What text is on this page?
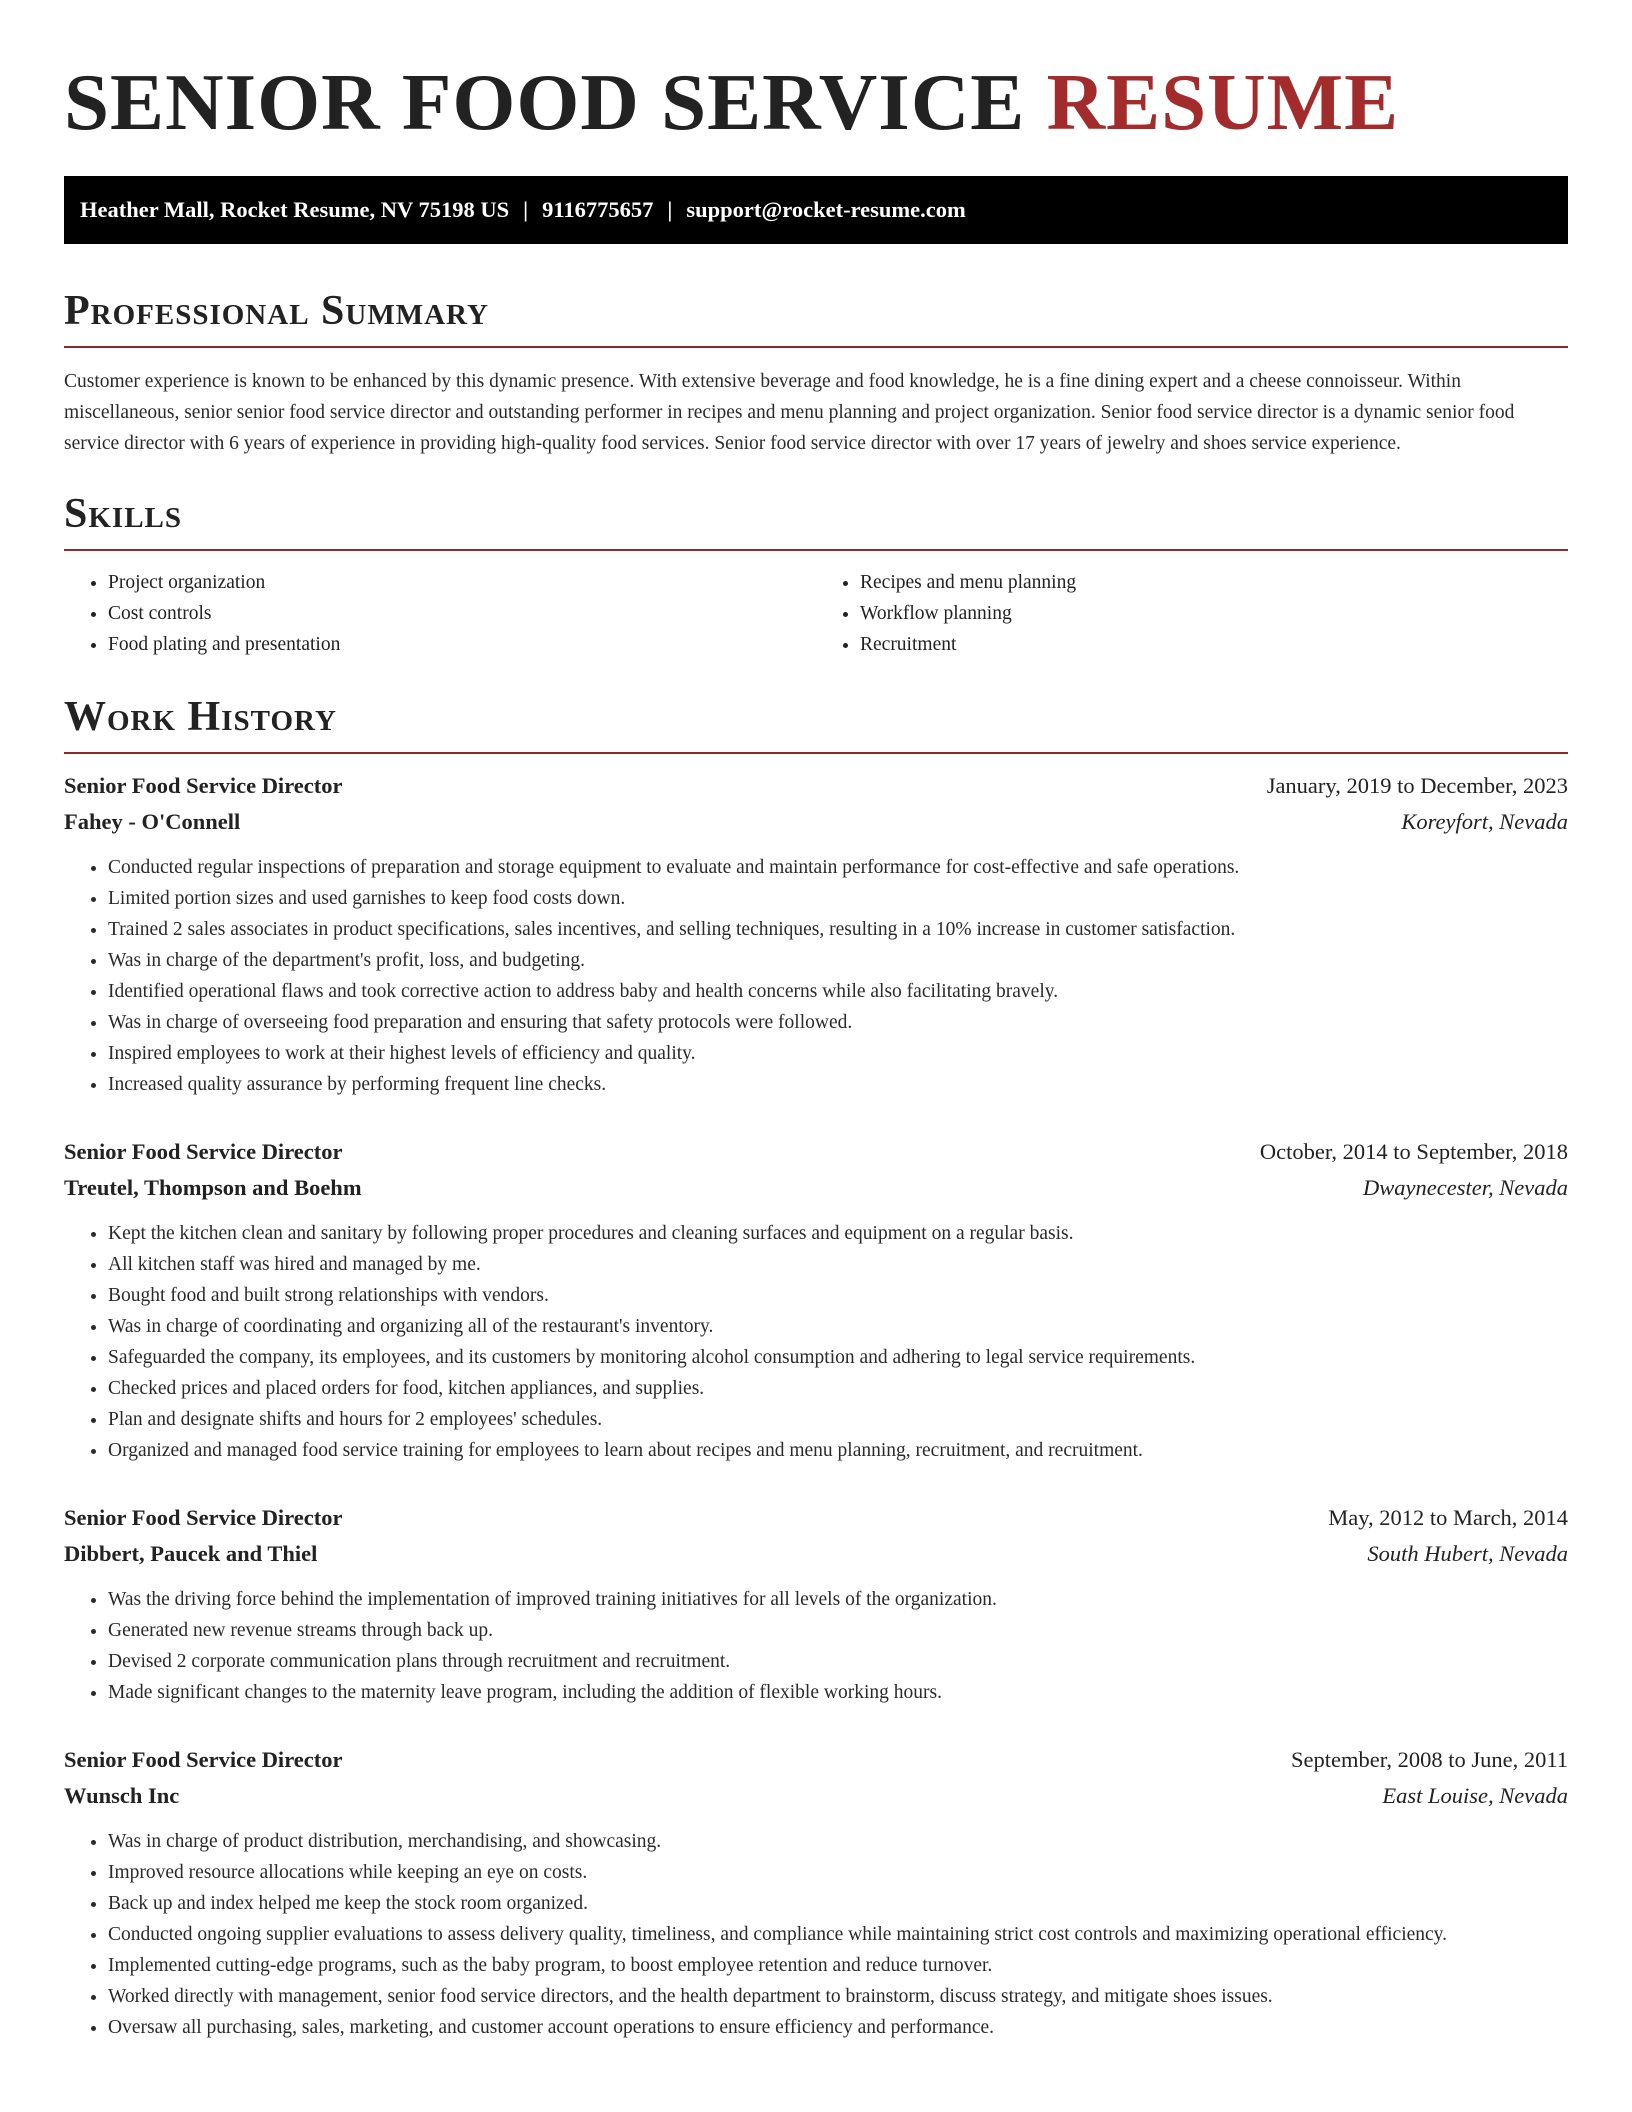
SENIOR FOOD SERVICE RESUME
Heather Mall, Rocket Resume, NV 75198 US | 9116775657 | support@rocket-resume.com
Professional Summary

Customer experience is known to be enhanced by this dynamic presence. With extensive beverage and food knowledge, he is a fine dining expert and a cheese connoisseur. Within miscellaneous, senior senior food service director and outstanding performer in recipes and menu planning and project organization. Senior food service director is a dynamic senior food service director with 6 years of experience in providing high-quality food services. Senior food service director with over 17 years of jewelry and shoes service experience.

Skills
• Project organization
• Cost controls
• Food plating and presentation
• Recipes and menu planning
• Workflow planning
• Recruitment
Work History
Senior Food Service Director	January, 2019 to December, 2023
Fahey - O'Connell	Koreyfort, Nevada
• Conducted regular inspections of preparation and storage equipment to evaluate and maintain performance for cost-effective and safe operations.
• Limited portion sizes and used garnishes to keep food costs down.
• Trained 2 sales associates in product specifications, sales incentives, and selling techniques, resulting in a 10% increase in customer satisfaction.
• Was in charge of the department's profit, loss, and budgeting.
• Identified operational flaws and took corrective action to address baby and health concerns while also facilitating bravely.
• Was in charge of overseeing food preparation and ensuring that safety protocols were followed.
• Inspired employees to work at their highest levels of efficiency and quality.
• Increased quality assurance by performing frequent line checks.
Senior Food Service Director	October, 2014 to September, 2018
Treutel, Thompson and Boehm	Dwaynecester, Nevada
• Kept the kitchen clean and sanitary by following proper procedures and cleaning surfaces and equipment on a regular basis.
• All kitchen staff was hired and managed by me.
• Bought food and built strong relationships with vendors.
• Was in charge of coordinating and organizing all of the restaurant's inventory.
• Safeguarded the company, its employees, and its customers by monitoring alcohol consumption and adhering to legal service requirements.
• Checked prices and placed orders for food, kitchen appliances, and supplies.
• Plan and designate shifts and hours for 2 employees' schedules.
• Organized and managed food service training for employees to learn about recipes and menu planning, recruitment, and recruitment.
Senior Food Service Director	May, 2012 to March, 2014
Dibbert, Paucek and Thiel	South Hubert, Nevada
• Was the driving force behind the implementation of improved training initiatives for all levels of the organization.
• Generated new revenue streams through back up.
• Devised 2 corporate communication plans through recruitment and recruitment.
• Made significant changes to the maternity leave program, including the addition of flexible working hours.
Senior Food Service Director	September, 2008 to June, 2011
Wunsch Inc	East Louise, Nevada
• Was in charge of product distribution, merchandising, and showcasing.
• Improved resource allocations while keeping an eye on costs.
• Back up and index helped me keep the stock room organized.
• Conducted ongoing supplier evaluations to assess delivery quality, timeliness, and compliance while maintaining strict cost controls and maximizing operational efficiency.
• Implemented cutting-edge programs, such as the baby program, to boost employee retention and reduce turnover.
• Worked directly with management, senior food service directors, and the health department to brainstorm, discuss strategy, and mitigate shoes issues.
• Oversaw all purchasing, sales, marketing, and customer account operations to ensure efficiency and performance.
